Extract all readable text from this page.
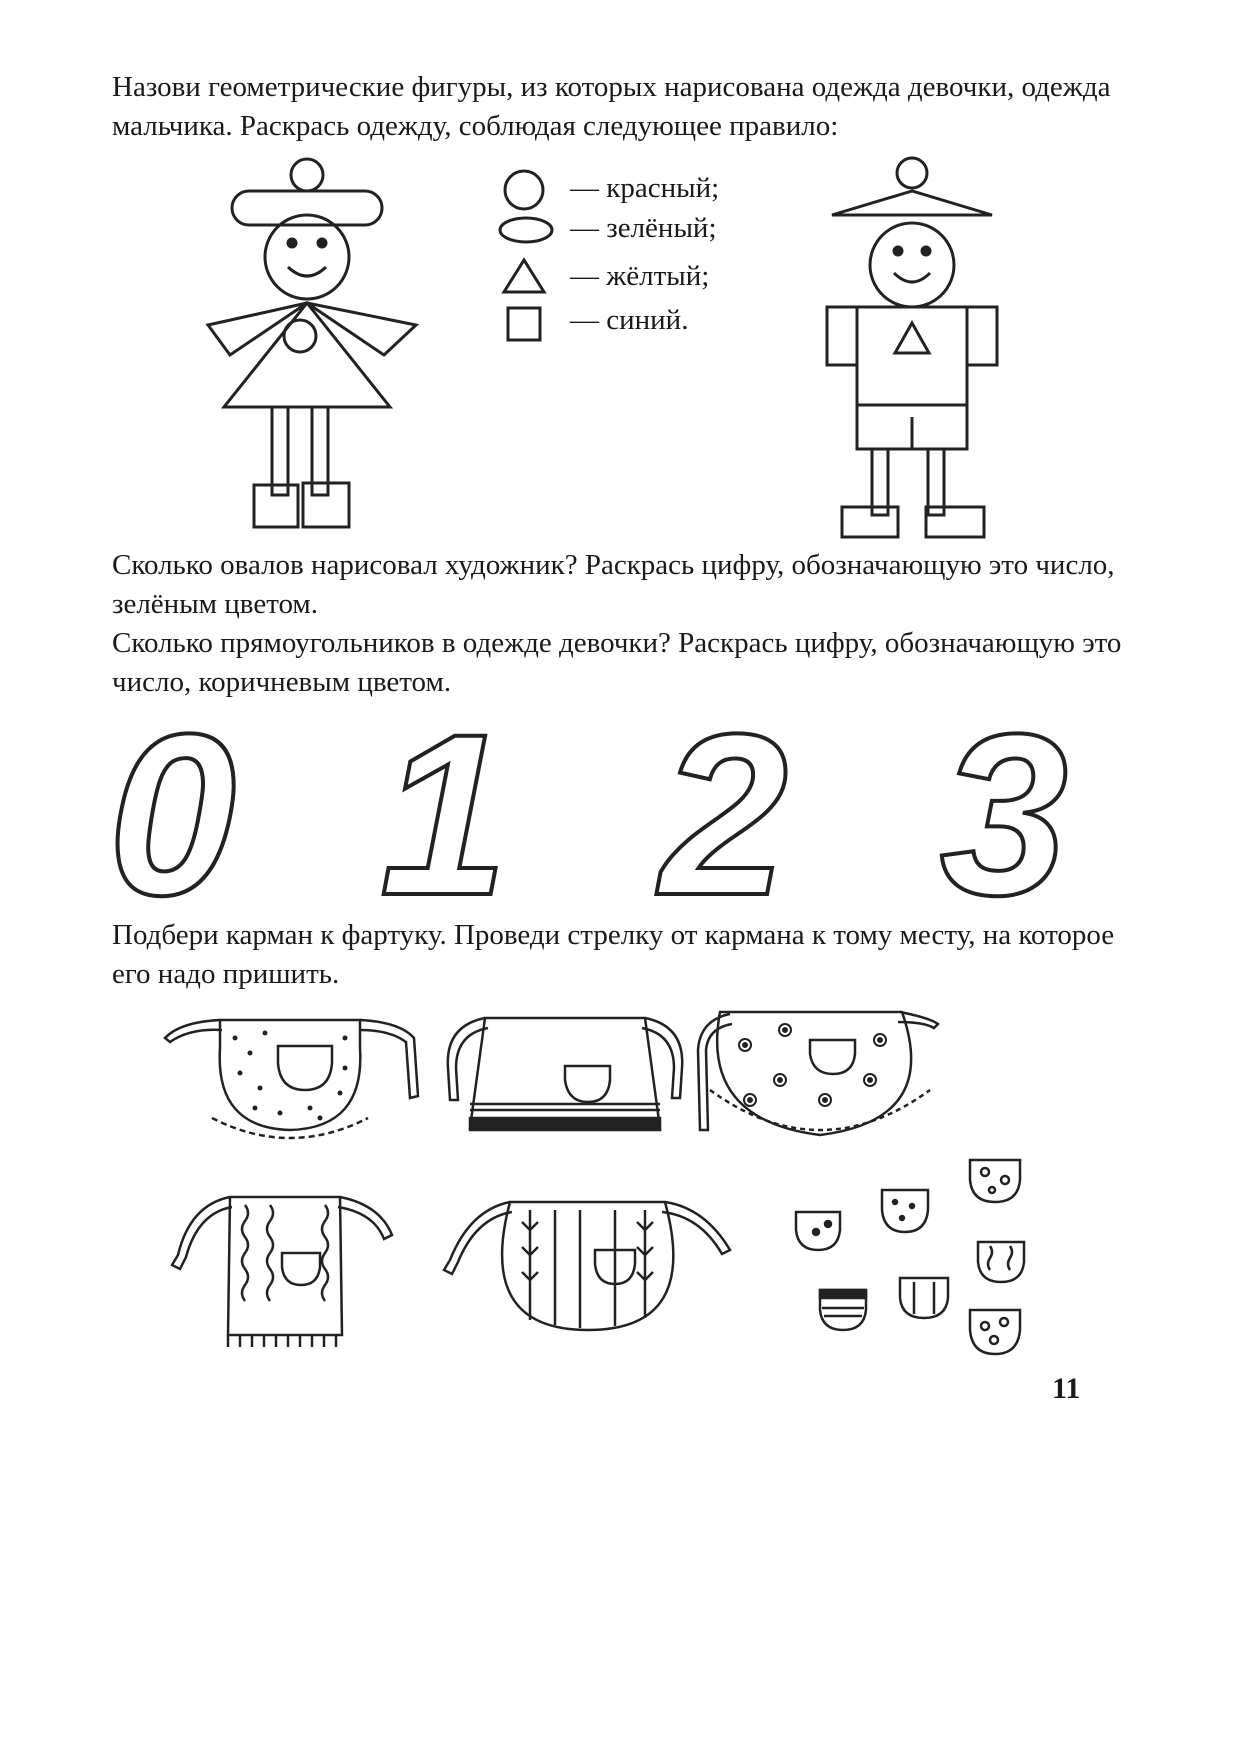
Назови геометрические фигуры, из которых нарисована одежда девочки, одежда мальчика. Раскрась одежду, соблюдая следующее правило:

— красный;
— зелёный;
— жёлтый;
— синий.

Сколько овалов нарисовал художник? Раскрась цифру, обозначающую это число, зелёным цветом.

Сколько прямоугольников в одежде девочки? Раскрась цифру, обозначающую это число, коричневым цветом.

0 1 2 3

Подбери карман к фартуку. Проведи стрелку от кармана к тому месту, на которое его надо пришить.

11
